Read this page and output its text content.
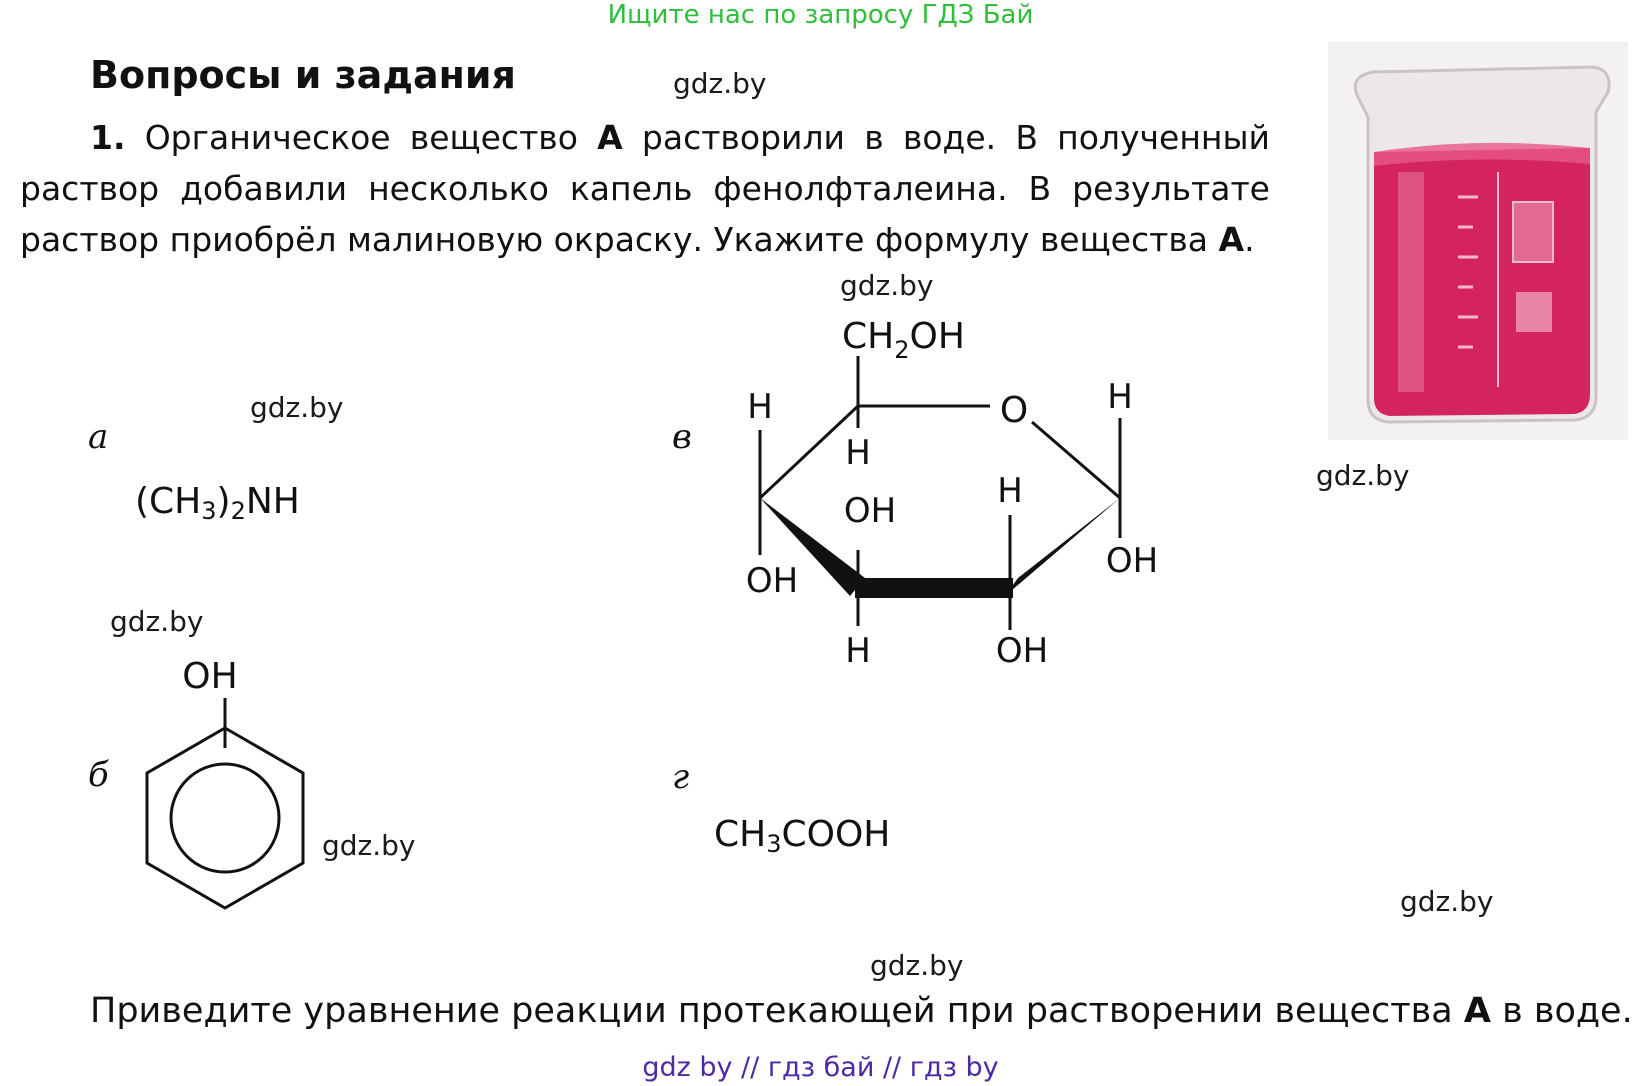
Ищите нас по запросу ГДЗ Бай
Вопросы и задания	gdz.by
1. Органическое вещество А растворили в воде. В полученный раствор добавили несколько капель фенолфталеина. В результате раствор приобрёл малиновую окраску. Укажите формулу вещества А.
gdz.by
а
gdz.by
$(CH_3)_2NH$
gdz.by
б
OH
gdz.by
в
gdz.by
$CH_2OH$
O
H
H
OH
OH
H
H
OH
H
OH
г
$CH_3COOH$
gdz.by
gdz.by
Приведите уравнение реакции протекающей при растворении вещества А в воде.
gdz by // гдз бай // гдз by
